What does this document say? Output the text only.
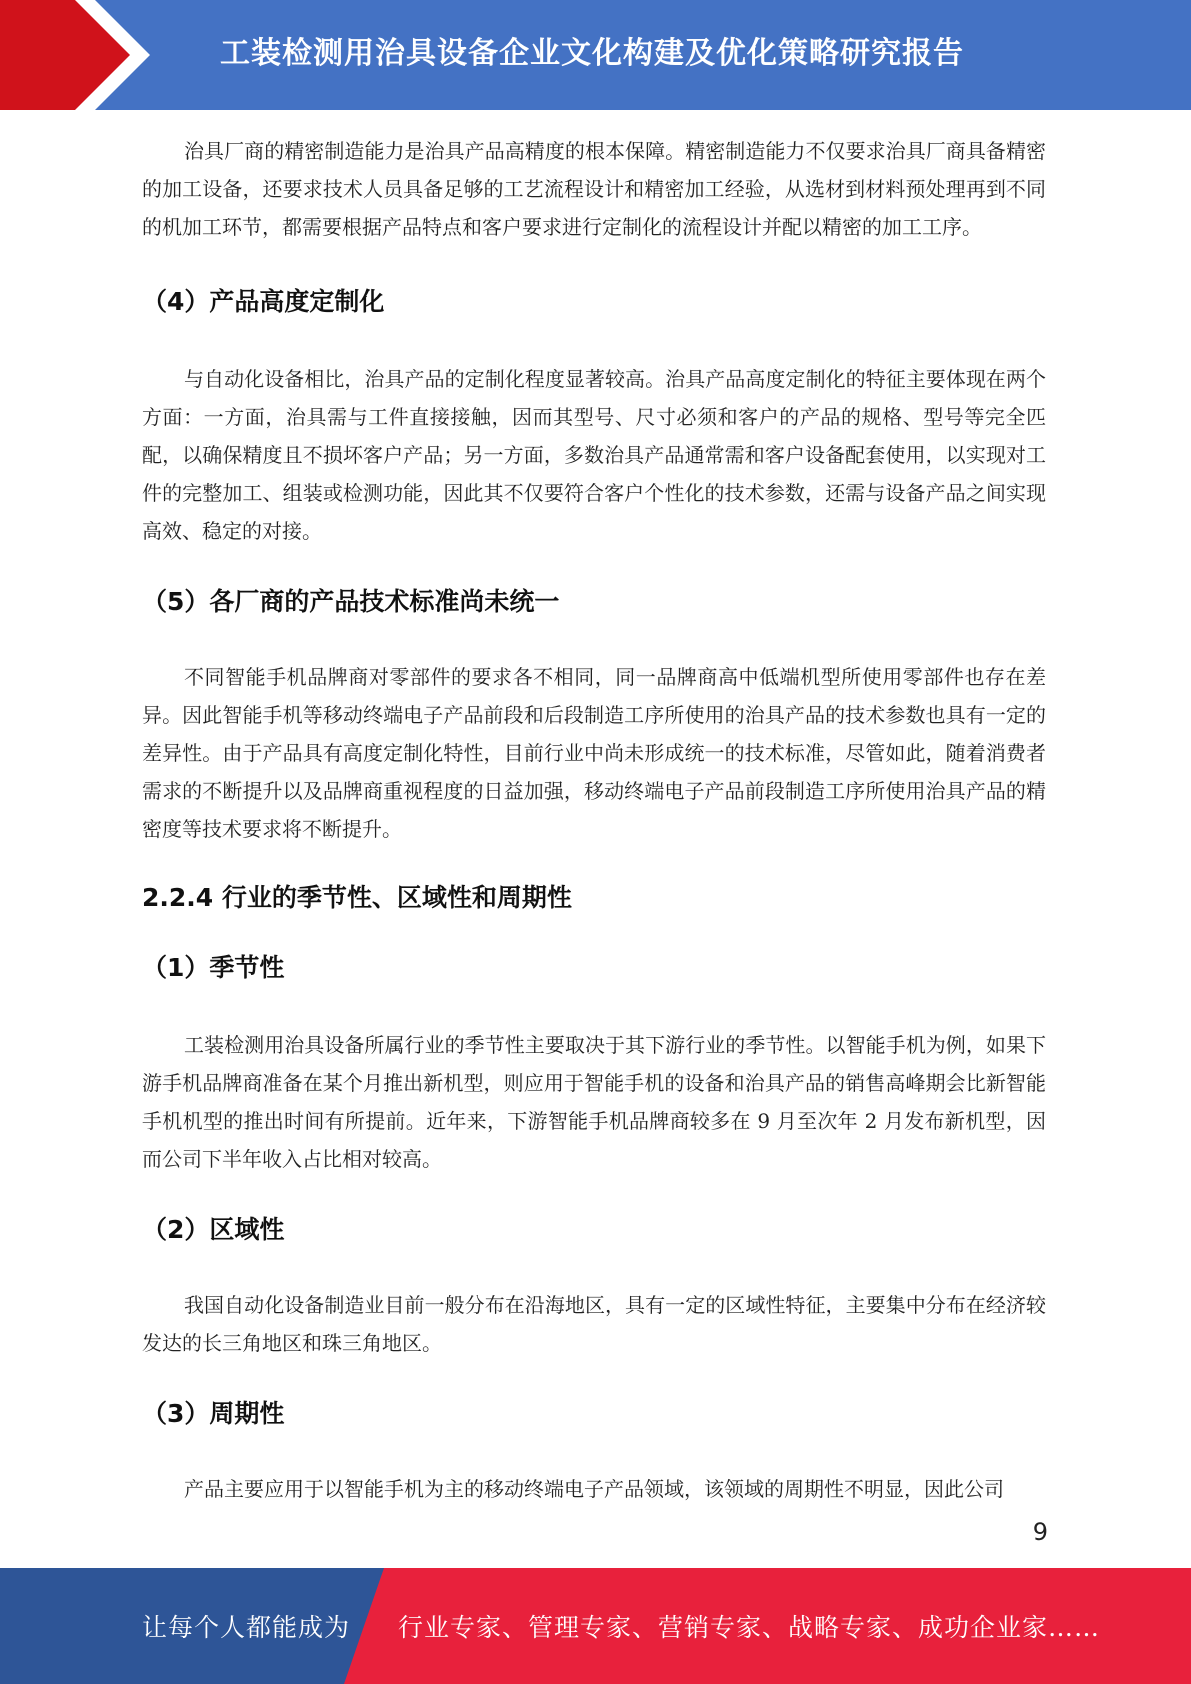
工装检测用治具设备企业文化构建及优化策略研究报告

治具厂商的精密制造能力是治具产品高精度的根本保障。精密制造能力不仅要求治具厂商具备精密的加工设备，还要求技术人员具备足够的工艺流程设计和精密加工经验，从选材到材料预处理再到不同的机加工环节，都需要根据产品特点和客户要求进行定制化的流程设计并配以精密的加工工序。

（4）产品高度定制化

与自动化设备相比，治具产品的定制化程度显著较高。治具产品高度定制化的特征主要体现在两个方面：一方面，治具需与工件直接接触，因而其型号、尺寸必须和客户的产品的规格、型号等完全匹配，以确保精度且不损坏客户产品；另一方面，多数治具产品通常需和客户设备配套使用，以实现对工件的完整加工、组装或检测功能，因此其不仅要符合客户个性化的技术参数，还需与设备产品之间实现高效、稳定的对接。

（5）各厂商的产品技术标准尚未统一

不同智能手机品牌商对零部件的要求各不相同，同一品牌商高中低端机型所使用零部件也存在差异。因此智能手机等移动终端电子产品前段和后段制造工序所使用的治具产品的技术参数也具有一定的差异性。由于产品具有高度定制化特性，目前行业中尚未形成统一的技术标准，尽管如此，随着消费者需求的不断提升以及品牌商重视程度的日益加强，移动终端电子产品前段制造工序所使用治具产品的精密度等技术要求将不断提升。

2.2.4 行业的季节性、区域性和周期性
（1）季节性

工装检测用治具设备所属行业的季节性主要取决于其下游行业的季节性。以智能手机为例，如果下游手机品牌商准备在某个月推出新机型，则应用于智能手机的设备和治具产品的销售高峰期会比新智能手机机型的推出时间有所提前。近年来，下游智能手机品牌商较多在 9 月至次年 2 月发布新机型，因而公司下半年收入占比相对较高。

（2）区域性

我国自动化设备制造业目前一般分布在沿海地区，具有一定的区域性特征，主要集中分布在经济较发达的长三角地区和珠三角地区。

（3）周期性

产品主要应用于以智能手机为主的移动终端电子产品领域，该领域的周期性不明显，因此公司

9
让每个人都能成为 行业专家、管理专家、营销专家、战略专家、成功企业家……
